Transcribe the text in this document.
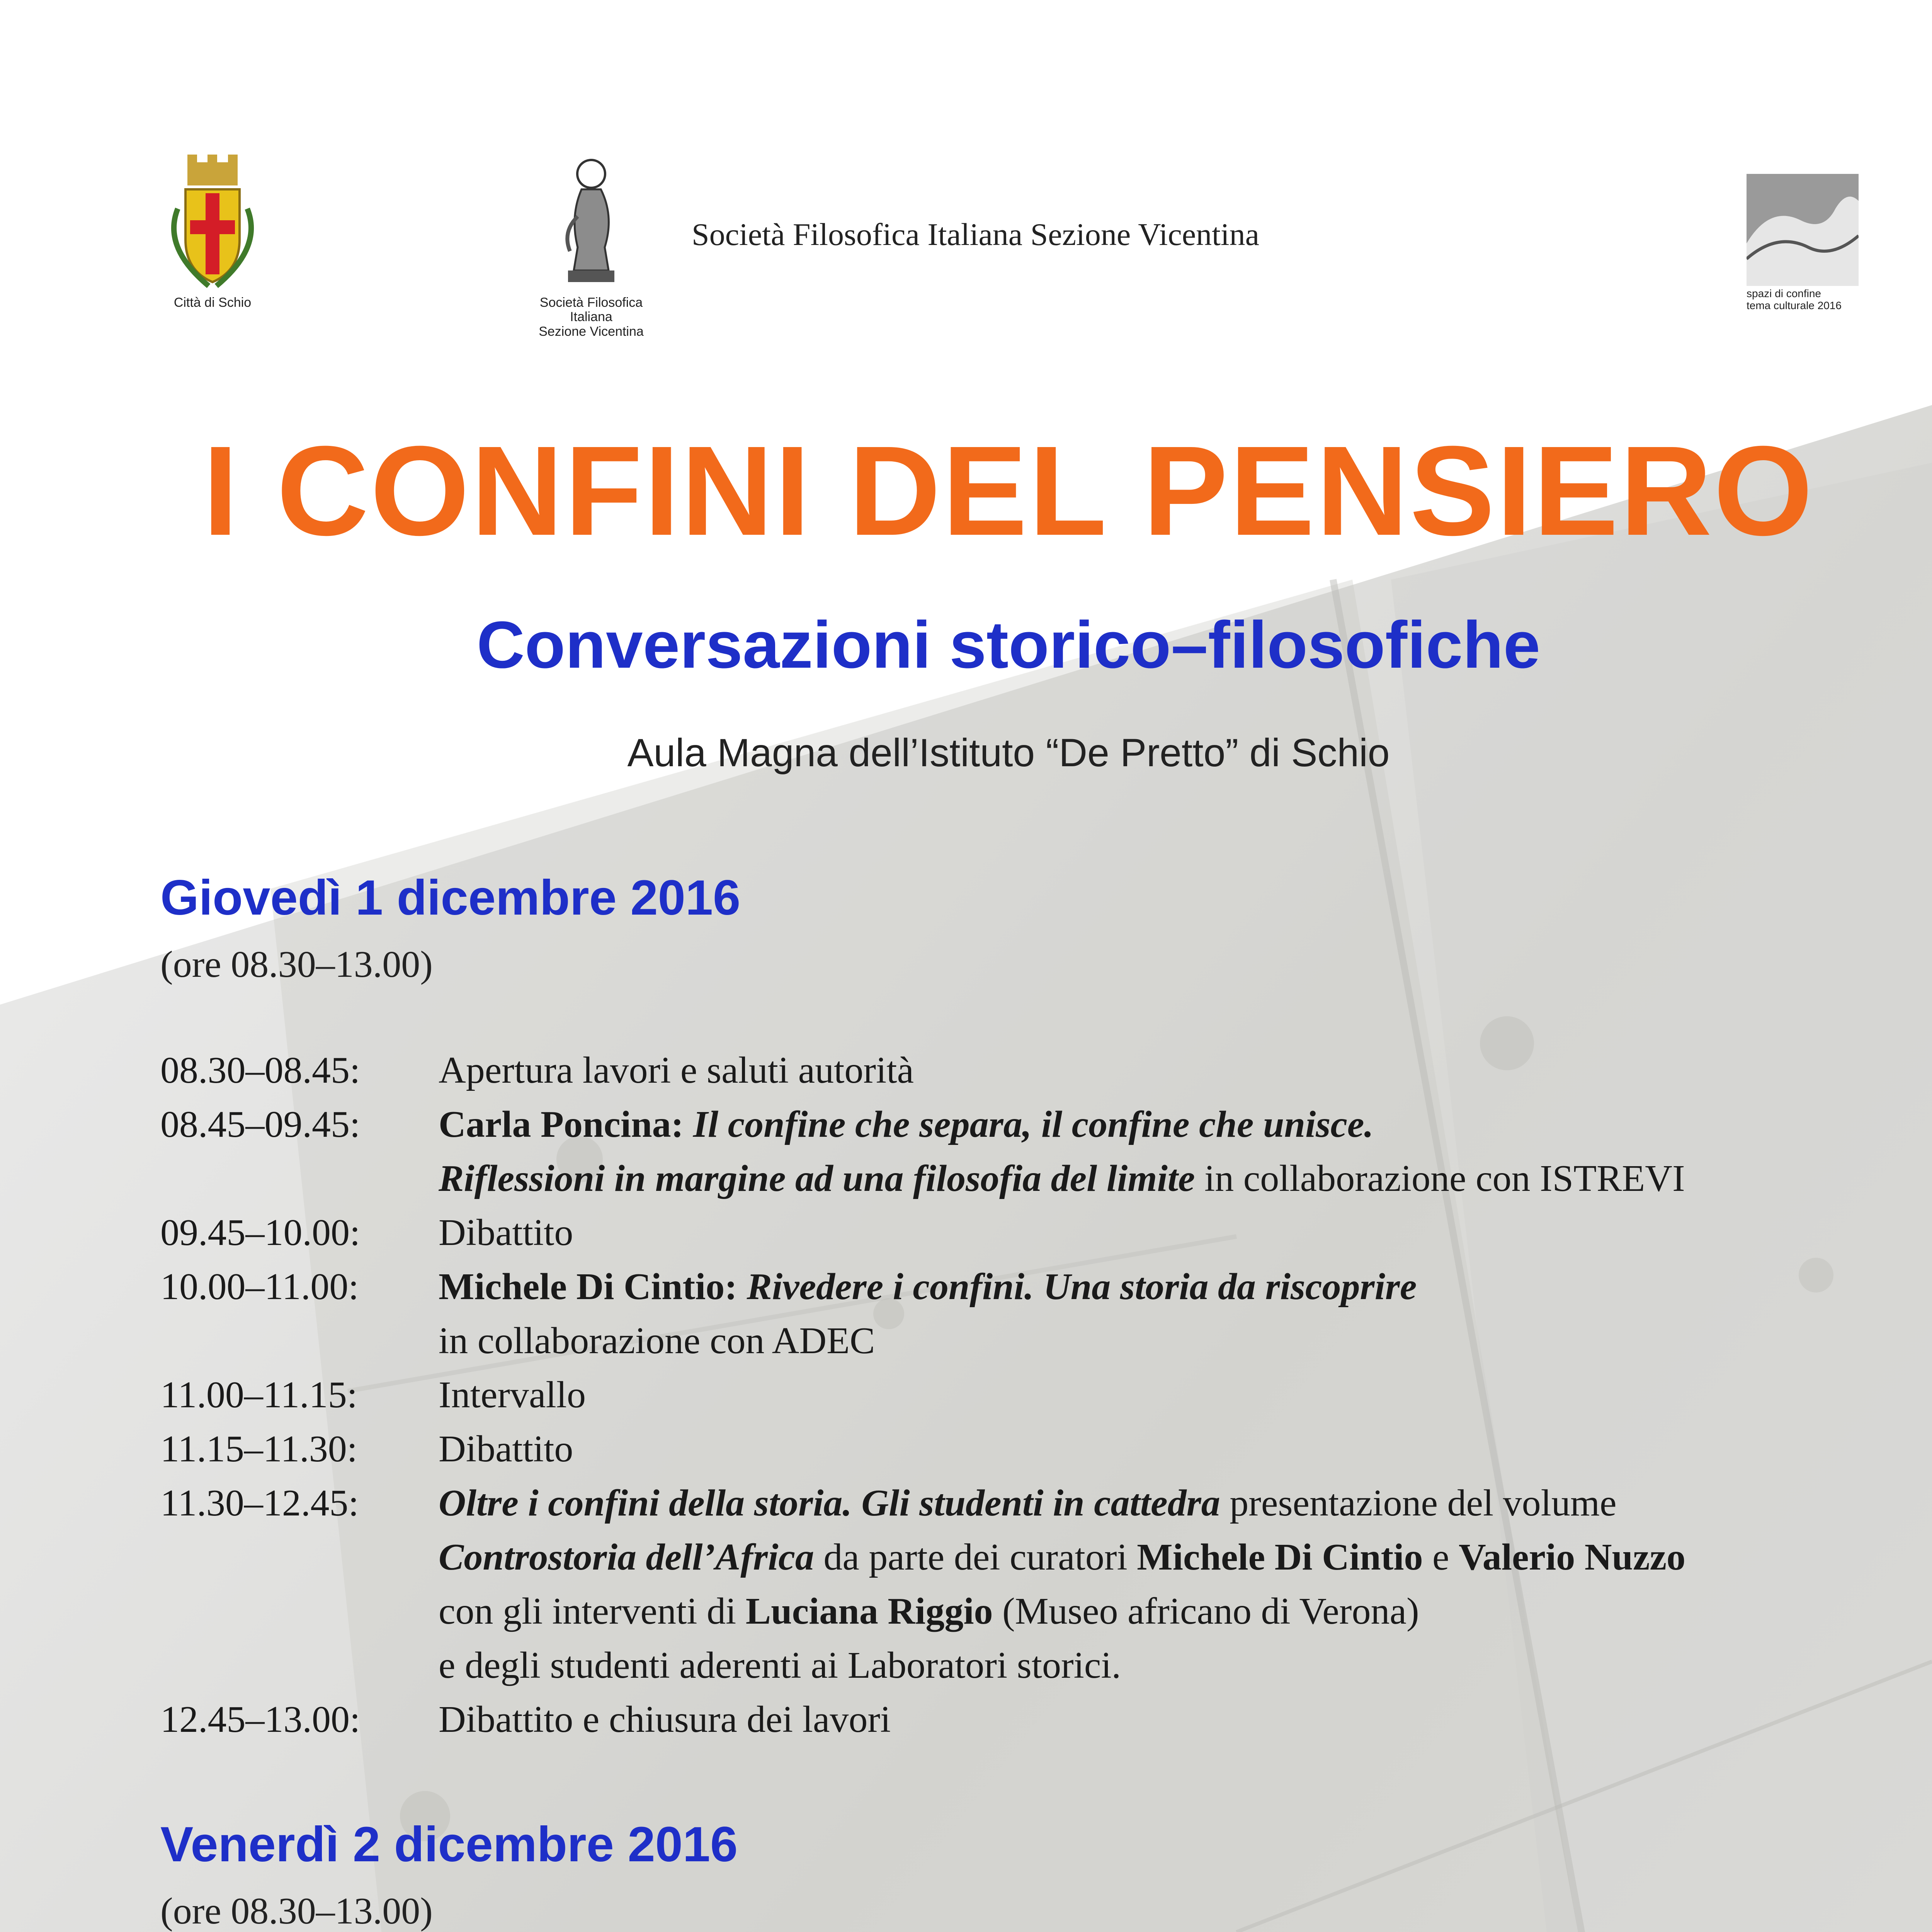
Città di Schio	Società Filosofica Italiana
Sezione Vicentina
Società Filosofica Italiana Sezione Vicentina
spazi di confine
tema culturale 2016
I CONFINI DEL PENSIERO
Conversazioni storico–filosofiche
Aula Magna dell’Istituto “De Pretto” di Schio
Giovedì 1 dicembre 2016
(ore 08.30–13.00)
08.30–08.45:	Apertura lavori e saluti autorità
08.45–09.45:	Carla Poncina: Il confine che separa, il confine che unisce.
Riflessioni in margine ad una filosofia del limite in collaborazione con ISTREVI
09.45–10.00:	Dibattito
10.00–11.00:	Michele Di Cintio: Rivedere i confini. Una storia da riscoprire
in collaborazione con ADEC
11.00–11.15:	Intervallo
11.15–11.30:	Dibattito
11.30–12.45:	Oltre i confini della storia. Gli studenti in cattedra presentazione del volume
Controstoria dell’Africa da parte dei curatori Michele Di Cintio e Valerio Nuzzo
con gli interventi di Luciana Riggio (Museo africano di Verona)
e degli studenti aderenti ai Laboratori storici.
12.45–13.00:	Dibattito e chiusura dei lavori
Venerdì 2 dicembre 2016
(ore 08.30–13.00)
